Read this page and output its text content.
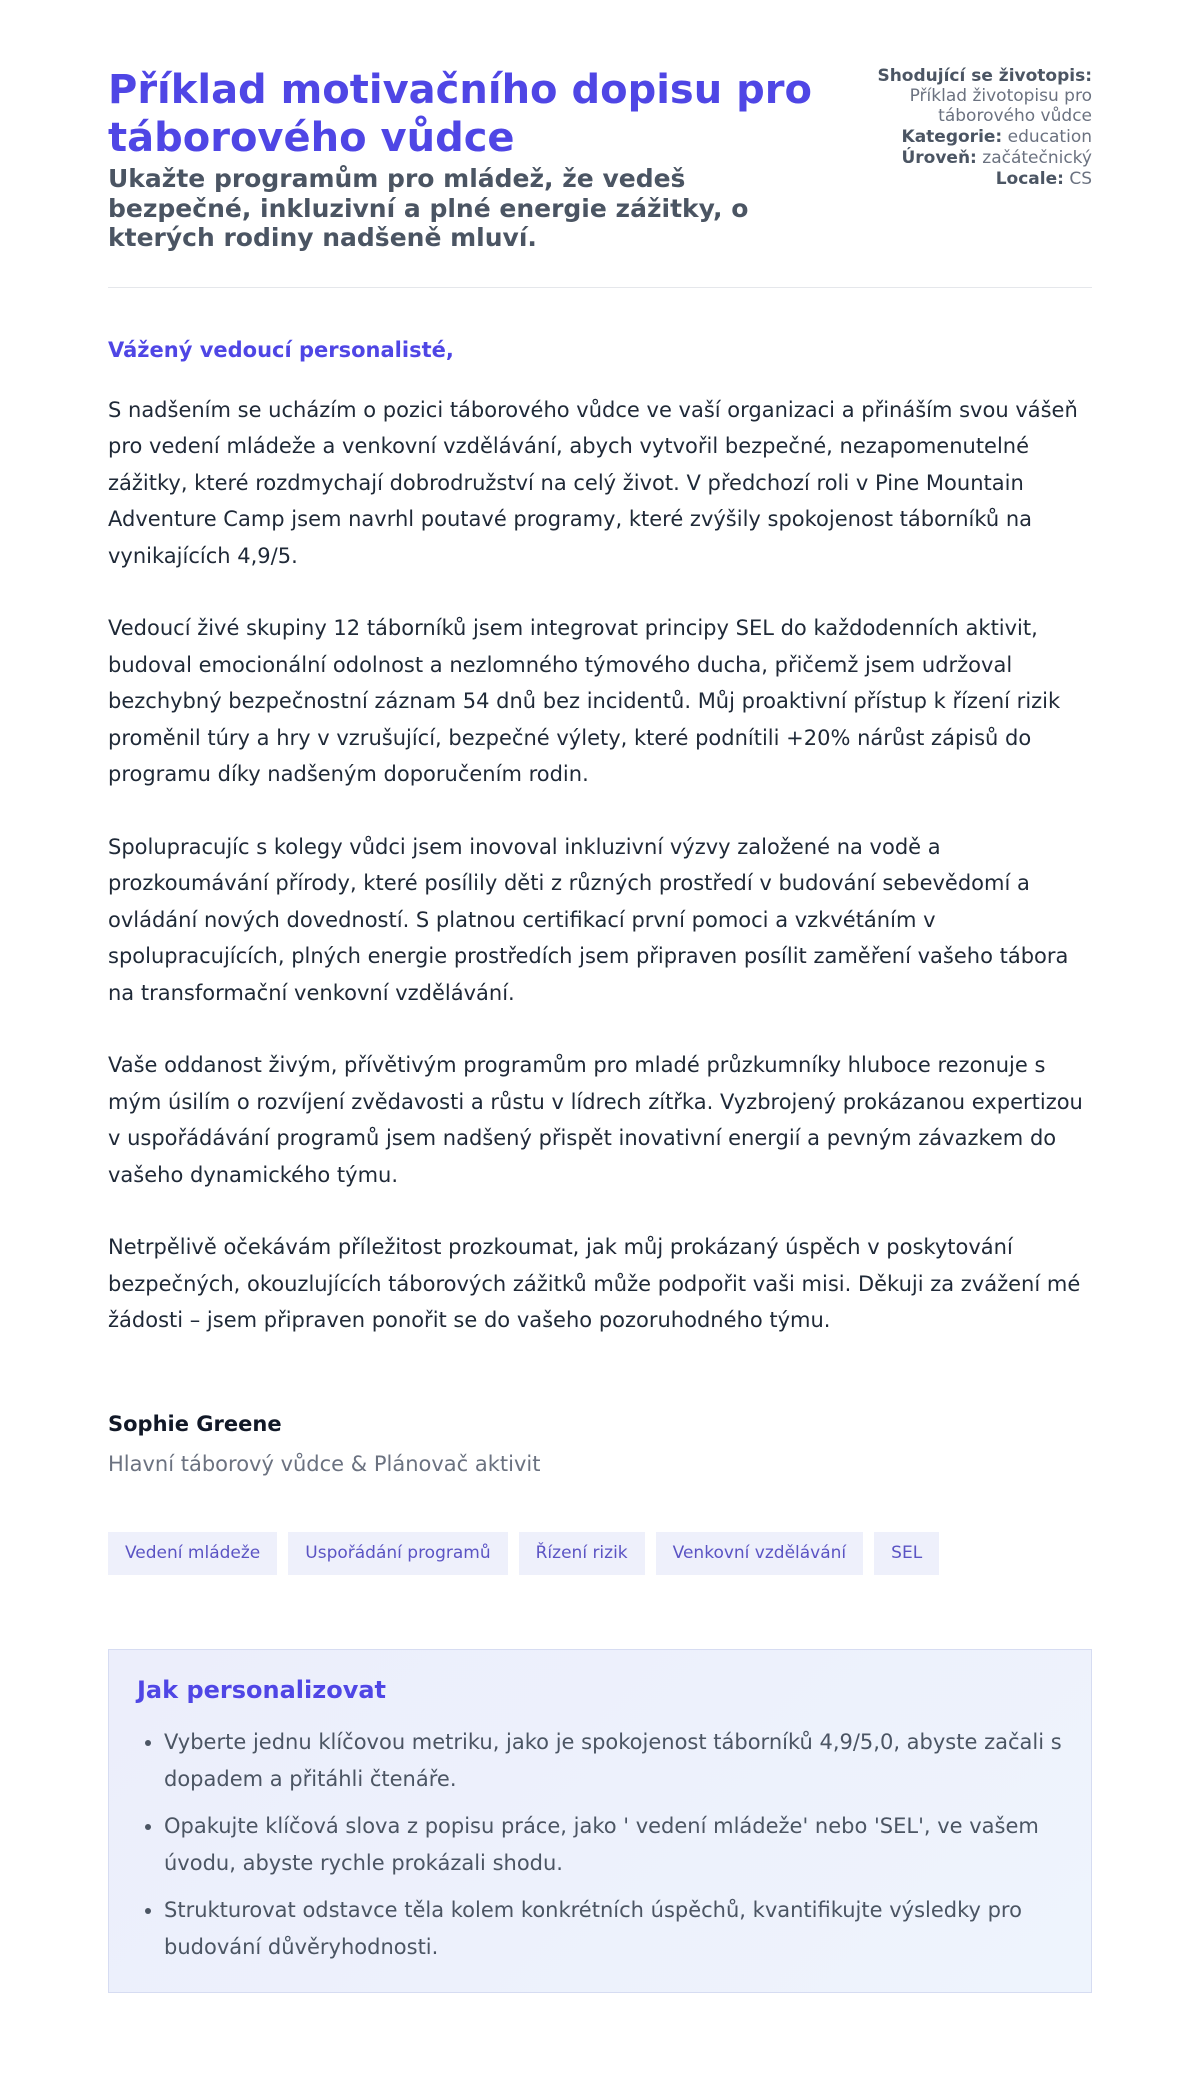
Příklad motivačního dopisu pro táborového vůdce
Ukažte programům pro mládež, že vedeš bezpečné, inkluzivní a plné energie zážitky, o kterých rodiny nadšeně mluví.
Shodující se životopis:
Příklad životopisu pro táborového vůdce
Kategorie: education
Úroveň: začátečnický
Locale: CS

Vážený vedoucí personalisté,

S nadšením se ucházím o pozici táborového vůdce ve vaší organizaci a přináším svou vášeň pro vedení mládeže a venkovní vzdělávání, abych vytvořil bezpečné, nezapomenutelné zážitky, které rozdmychají dobrodružství na celý život. V předchozí roli v Pine Mountain Adventure Camp jsem navrhl poutavé programy, které zvýšily spokojenost táborníků na vynikajících 4,9/5.

Vedoucí živé skupiny 12 táborníků jsem integrovat principy SEL do každodenních aktivit, budoval emocionální odolnost a nezlomného týmového ducha, přičemž jsem udržoval bezchybný bezpečnostní záznam 54 dnů bez incidentů. Můj proaktivní přístup k řízení rizik proměnil túry a hry v vzrušující, bezpečné výlety, které podnítili +20% nárůst zápisů do programu díky nadšeným doporučením rodin.

Spolupracujíc s kolegy vůdci jsem inovoval inkluzivní výzvy založené na vodě a prozkoumávání přírody, které posílily děti z různých prostředí v budování sebevědomí a ovládání nových dovedností. S platnou certifikací první pomoci a vzkvétáním v spolupracujících, plných energie prostředích jsem připraven posílit zaměření vašeho tábora na transformační venkovní vzdělávání.

Vaše oddanost živým, přívětivým programům pro mladé průzkumníky hluboce rezonuje s mým úsilím o rozvíjení zvědavosti a růstu v lídrech zítřka. Vyzbrojený prokázanou expertizou v uspořádávání programů jsem nadšený přispět inovativní energií a pevným závazkem do vašeho dynamického týmu.

Netrpělivě očekávám příležitost prozkoumat, jak můj prokázaný úspěch v poskytování bezpečných, okouzlujících táborových zážitků může podpořit vaši misi. Děkuji za zvážení mé žádosti – jsem připraven ponořit se do vašeho pozoruhodného týmu.

Sophie Greene

Hlavní táborový vůdce & Plánovač aktivit

Vedení mládeže	Uspořádání programů	Řízení rizik	Venkovní vzdělávání	SEL
Jak personalizovat
• Vyberte jednu klíčovou metriku, jako je spokojenost táborníků 4,9/5,0, abyste začali s dopadem a přitáhli čtenáře.
• Opakujte klíčová slova z popisu práce, jako ' vedení mládeže' nebo 'SEL', ve vašem úvodu, abyste rychle prokázali shodu.
• Strukturovat odstavce těla kolem konkrétních úspěchů, kvantifikujte výsledky pro budování důvěryhodnosti.
